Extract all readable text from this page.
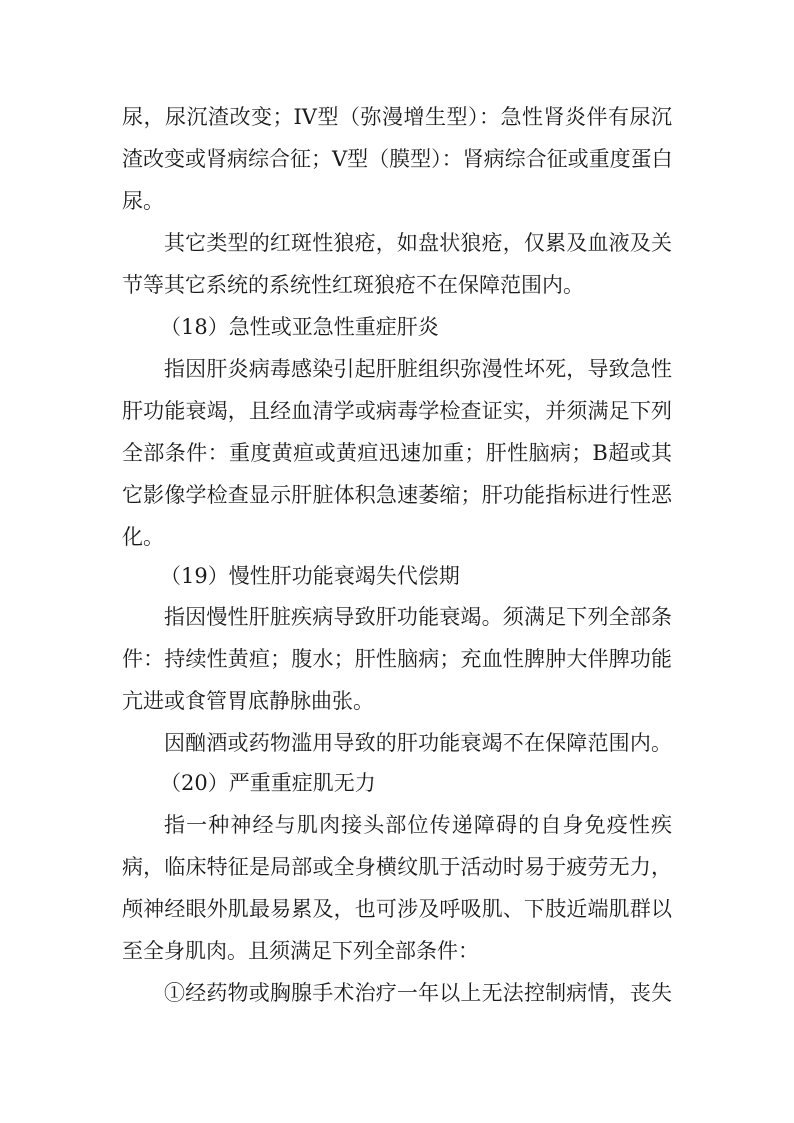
尿，尿沉渣改变；IV型（弥漫增生型）：急性肾炎伴有尿沉
渣改变或肾病综合征；V型（膜型）：肾病综合征或重度蛋白
尿。
其它类型的红斑性狼疮，如盘状狼疮，仅累及血液及关
节等其它系统的系统性红斑狼疮不在保障范围内。
（18）急性或亚急性重症肝炎
指因肝炎病毒感染引起肝脏组织弥漫性坏死，导致急性
肝功能衰竭，且经血清学或病毒学检查证实，并须满足下列
全部条件：重度黄疸或黄疸迅速加重；肝性脑病；B超或其
它影像学检查显示肝脏体积急速萎缩；肝功能指标进行性恶
化。
（19）慢性肝功能衰竭失代偿期
指因慢性肝脏疾病导致肝功能衰竭。须满足下列全部条
件：持续性黄疸；腹水；肝性脑病；充血性脾肿大伴脾功能
亢进或食管胃底静脉曲张。
因酗酒或药物滥用导致的肝功能衰竭不在保障范围内。
（20）严重重症肌无力
指一种神经与肌肉接头部位传递障碍的自身免疫性疾
病，临床特征是局部或全身横纹肌于活动时易于疲劳无力，
颅神经眼外肌最易累及，也可涉及呼吸肌、下肢近端肌群以
至全身肌肉。且须满足下列全部条件：
①经药物或胸腺手术治疗一年以上无法控制病情，丧失
